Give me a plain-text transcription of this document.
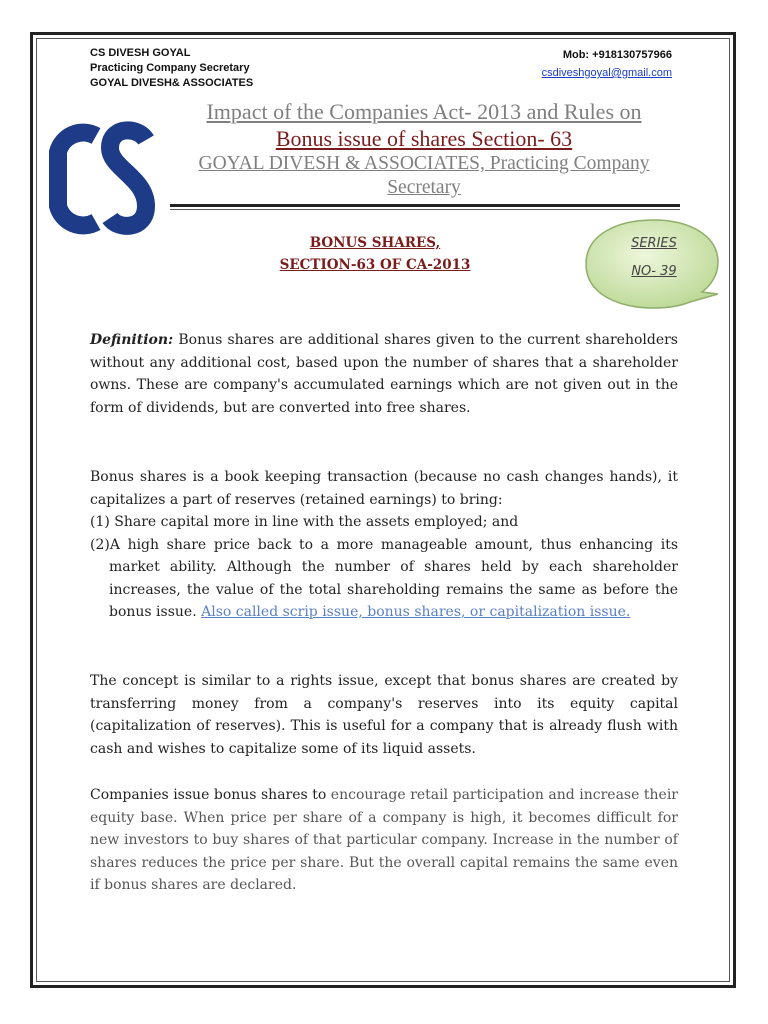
CS DIVESH GOYAL
Practicing Company Secretary
GOYAL DIVESH& ASSOCIATES
Mob: +918130757966
csdiveshgoyal@gmail.com
Impact of the Companies Act- 2013 and Rules on
Bonus issue of shares Section- 63
GOYAL DIVESH & ASSOCIATES, Practicing Company
Secretary
BONUS SHARES,
SECTION-63 OF CA-2013
SERIES
NO- 39
Definition: Bonus shares are additional shares given to the current shareholders without any additional cost, based upon the number of shares that a shareholder owns. These are company's accumulated earnings which are not given out in the form of dividends, but are converted into free shares.
Bonus shares is a book keeping transaction (because no cash changes hands), it capitalizes a part of reserves (retained earnings) to bring:
(1) Share capital more in line with the assets employed; and
(2)A high share price back to a more manageable amount, thus enhancing its market ability. Although the number of shares held by each shareholder increases, the value of the total shareholding remains the same as before the bonus issue. Also called scrip issue, bonus shares, or capitalization issue.
The concept is similar to a rights issue, except that bonus shares are created by transferring money from a company's reserves into its equity capital (capitalization of reserves). This is useful for a company that is already flush with cash and wishes to capitalize some of its liquid assets.
Companies issue bonus shares to encourage retail participation and increase their equity base. When price per share of a company is high, it becomes difficult for new investors to buy shares of that particular company. Increase in the number of shares reduces the price per share. But the overall capital remains the same even if bonus shares are declared.
